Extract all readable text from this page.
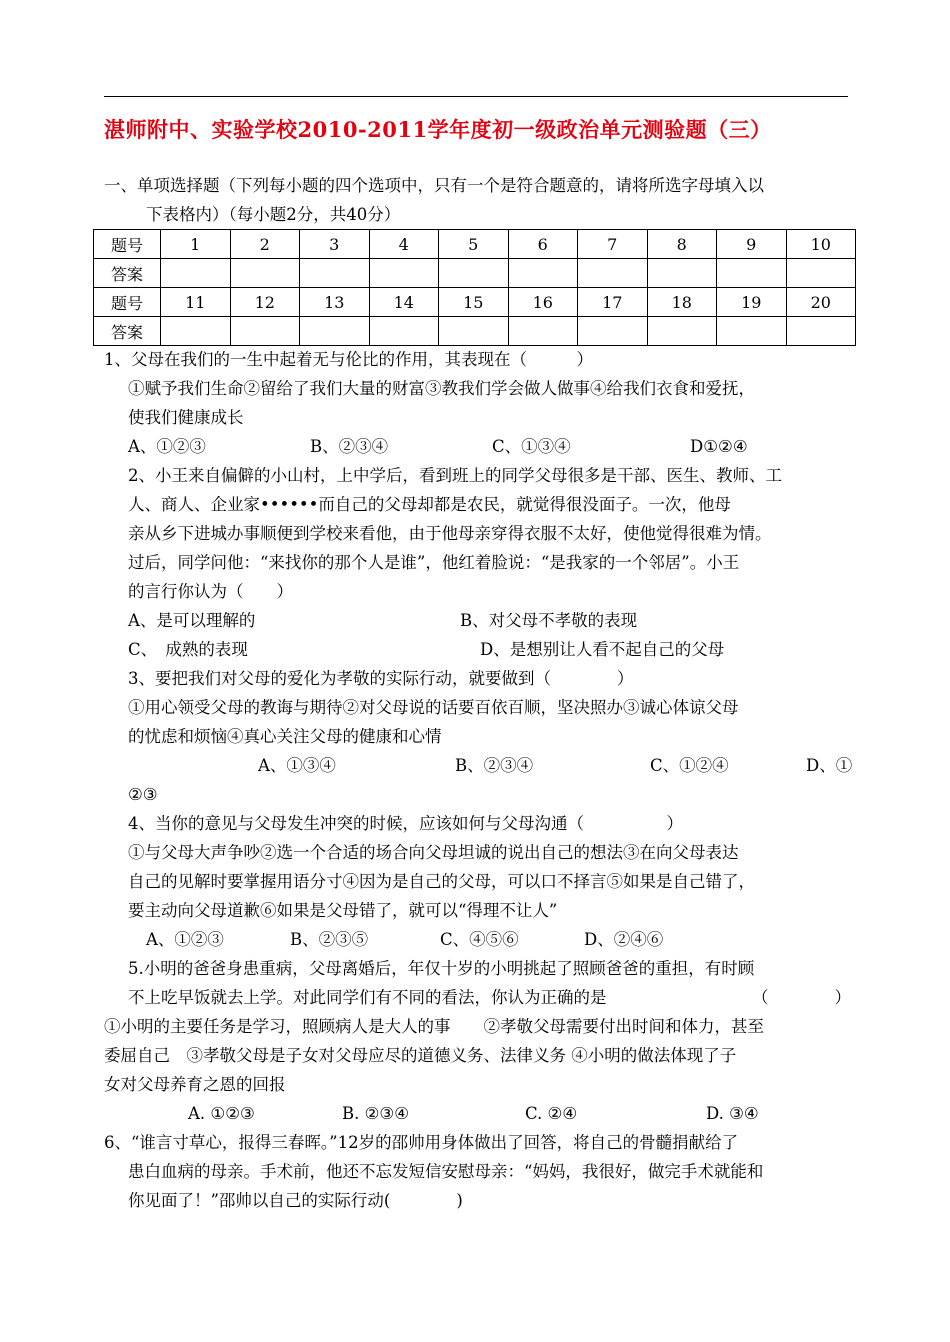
湛师附中、实验学校2010-2011学年度初一级政治单元测验题（三）
一、单项选择题（下列每小题的四个选项中，只有一个是符合题意的，请将所选字母填入以
下表格内）（每小题2分，共40分）
题号	1	2	3	4	5	6	7	8	9	10
答案										
题号	11	12	13	14	15	16	17	18	19	20
答案										
1、父母在我们的一生中起着无与伦比的作用，其表现在（　　　）
①赋予我们生命②留给了我们大量的财富③教我们学会做人做事④给我们衣食和爱抚，
使我们健康成长
A、①②③	B、②③④	C、①③④	D①②④
2、小王来自偏僻的小山村，上中学后，看到班上的同学父母很多是干部、医生、教师、工
人、商人、企业家••••••而自己的父母却都是农民，就觉得很没面子。一次，他母
亲从乡下进城办事顺便到学校来看他，由于他母亲穿得衣服不太好，使他觉得很难为情。
过后，同学问他：“来找你的那个人是谁”，他红着脸说：“是我家的一个邻居”。小王
的言行你认为（　　）
A、是可以理解的	B、对父母不孝敬的表现
C、　成熟的表现	D、是想别让人看不起自己的父母
3、要把我们对父母的爱化为孝敬的实际行动，就要做到（　　　　）
①用心领受父母的教诲与期待②对父母说的话要百依百顺，坚决照办③诚心体谅父母
的忧虑和烦恼④真心关注父母的健康和心情
A、①③④	B、②③④	C、①②④	D、①
②③
4、当你的意见与父母发生冲突的时候，应该如何与父母沟通（　　　　　）
①与父母大声争吵②选一个合适的场合向父母坦诚的说出自己的想法③在向父母表达
自己的见解时要掌握用语分寸④因为是自己的父母，可以口不择言⑤如果是自己错了，
要主动向父母道歉⑥如果是父母错了，就可以“得理不让人”
A、①②③	B、②③⑤	C、④⑤⑥	D、②④⑥
5.小明的爸爸身患重病，父母离婚后，年仅十岁的小明挑起了照顾爸爸的重担，有时顾
不上吃早饭就去上学。对此同学们有不同的看法，你认为正确的是	（　　　　）
①小明的主要任务是学习，照顾病人是大人的事　　②孝敬父母需要付出时间和体力，甚至
委屈自己　③孝敬父母是子女对父母应尽的道德义务、法律义务 ④小明的做法体现了子
女对父母养育之恩的回报
A. ①②③	B. ②③④	C. ②④	D. ③④
6、“谁言寸草心，报得三春晖。”12岁的邵帅用身体做出了回答，将自己的骨髓捐献给了
患白血病的母亲。手术前，他还不忘发短信安慰母亲：“妈妈，我很好，做完手术就能和
你见面了！”邵帅以自己的实际行动(　　　　)
